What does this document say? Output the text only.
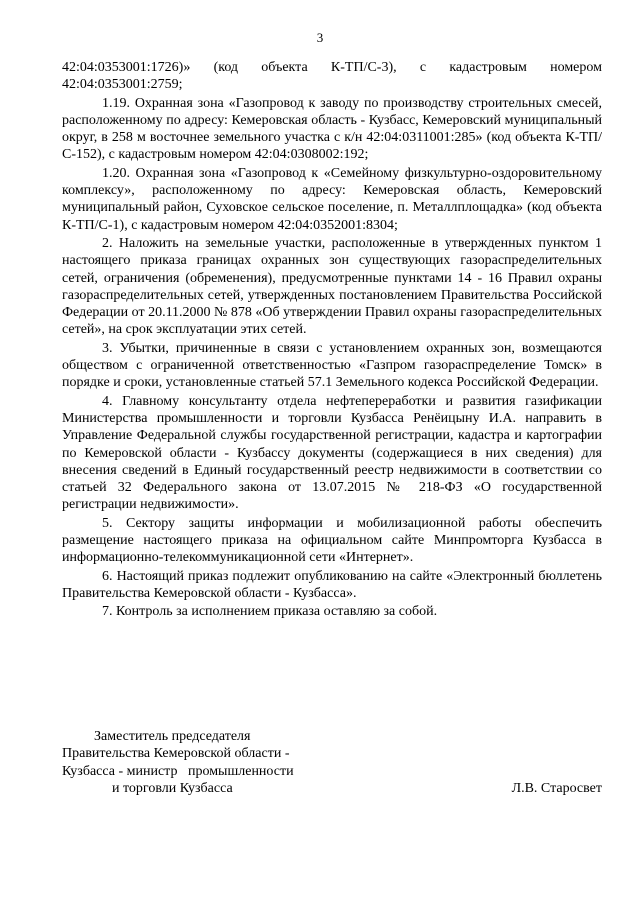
3

42:04:0353001:1726)» (код объекта К-ТП/С-3), с кадастровым номером 42:04:0353001:2759;

1.19. Охранная зона «Газопровод к заводу по производству строительных смесей, расположенному по адресу: Кемеровская область - Кузбасс, Кемеровский муниципальный округ, в 258 м восточнее земельного участка с к/н 42:04:0311001:285» (код объекта К-ТП/С-152), с кадастровым номером 42:04:0308002:192;

1.20. Охранная зона «Газопровод к «Семейному физкультурно-оздоровительному комплексу», расположенному по адресу: Кемеровская область, Кемеровский муниципальный район, Суховское сельское поселение, п. Металлплощадка» (код объекта К-ТП/С-1), с кадастровым номером 42:04:0352001:8304;

2. Наложить на земельные участки, расположенные в утвержденных пунктом 1 настоящего приказа границах охранных зон существующих газораспределительных сетей, ограничения (обременения), предусмотренные пунктами 14 - 16 Правил охраны газораспределительных сетей, утвержденных постановлением Правительства Российской Федерации от 20.11.2000 № 878 «Об утверждении Правил охраны газораспределительных сетей», на срок эксплуатации этих сетей.

3. Убытки, причиненные в связи с установлением охранных зон, возмещаются обществом с ограниченной ответственностью «Газпром газораспределение Томск» в порядке и сроки, установленные статьей 57.1 Земельного кодекса Российской Федерации.

4. Главному консультанту отдела нефтепереработки и развития газификации Министерства промышленности и торговли Кузбасса Ренёицыну И.А. направить в Управление Федеральной службы государственной регистрации, кадастра и картографии по Кемеровской области - Кузбассу документы (содержащиеся в них сведения) для внесения сведений в Единый государственный реестр недвижимости в соответствии со статьей 32 Федерального закона от 13.07.2015 № 218-ФЗ «О государственной регистрации недвижимости».

5. Сектору защиты информации и мобилизационной работы обеспечить размещение настоящего приказа на официальном сайте Минпромторга Кузбасса в информационно-телекоммуникационной сети «Интернет».

6. Настоящий приказ подлежит опубликованию на сайте «Электронный бюллетень Правительства Кемеровской области - Кузбасса».

7. Контроль за исполнением приказа оставляю за собой.

Заместитель председателя
Правительства Кемеровской области -
Кузбасса - министр   промышленности
и торговли Кузбасса	Л.В. Старосвет
